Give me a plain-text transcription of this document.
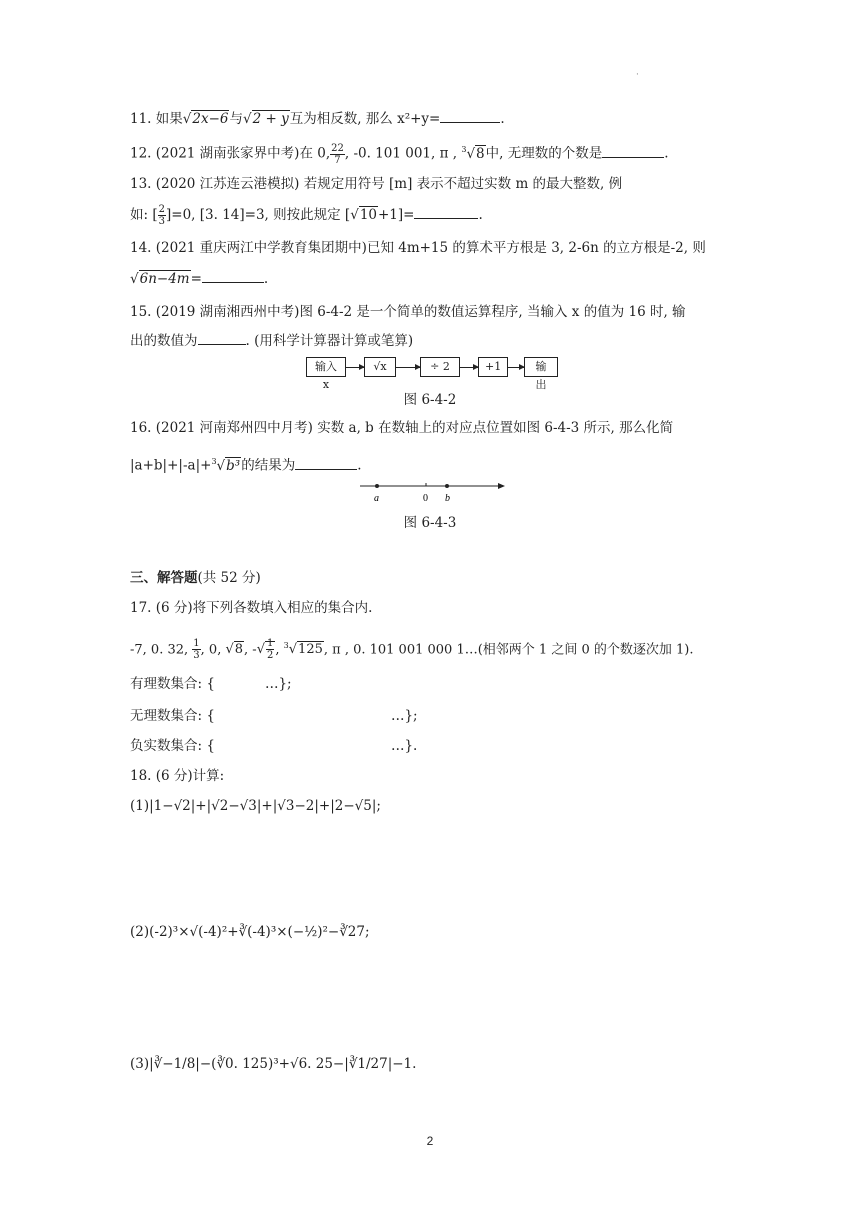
·
11. 如果√2x−6与√2 + y互为相反数, 那么 x²+y=	.
12. (2021 湖南张家界中考)在 0, $\frac{22}{7}$ , -0. 101 001, π , $^3$√8中, 无理数的个数是	.
13. (2020 江苏连云港模拟) 若规定用符号 [m] 表示不超过实数 m 的最大整数, 例
如: [ $\frac{2}{3} ]=0$, [3. 14]=3, 则按此规定 [√10+1]=	.
14. (2021 重庆两江中学教育集团期中)已知 4m+15 的算术平方根是 3, 2-6n 的立方根是-2, 则
√6n−4m=	.
15. (2019 湖南湘西州中考)图 6-4-2 是一个简单的数值运算程序, 当输入 x 的值为 16 时, 输
出的数值为	. (用科学计算器计算或笔算)
输入x
√x	÷ 2	+1	输出
图 6-4-2
16. (2021 河南郑州四中月考) 实数 a, b 在数轴上的对应点位置如图 6-4-3 所示, 那么化简
|a+b|+|-a|+$^3$√b³的结果为	.
a	0 b
图 6-4-3
三、解答题(共 52 分)
17. (6 分)将下列各数填入相应的集合内.
-7, 0. 32, $\frac{1}{3}$ , 0, √8, -√ $\frac{1}{2}$ , $^3$√125, π , 0. 101 001 000 1…(相邻两个 1 之间 0 的个数逐次加 1).
有理数集合: {	…};
无理数集合: {	…};
负实数集合: {	…}.
18. (6 分)计算:
(1)|1−√2|+|√2−√3|+|√3−2|+|2−√5|;
(2)(-2)³×√(-4)²+∛(-4)³×(−½)²−∛27;
(3)|∛−1/8|−(∛0. 125)³+√6. 25−|∛1/27|−1.
2
